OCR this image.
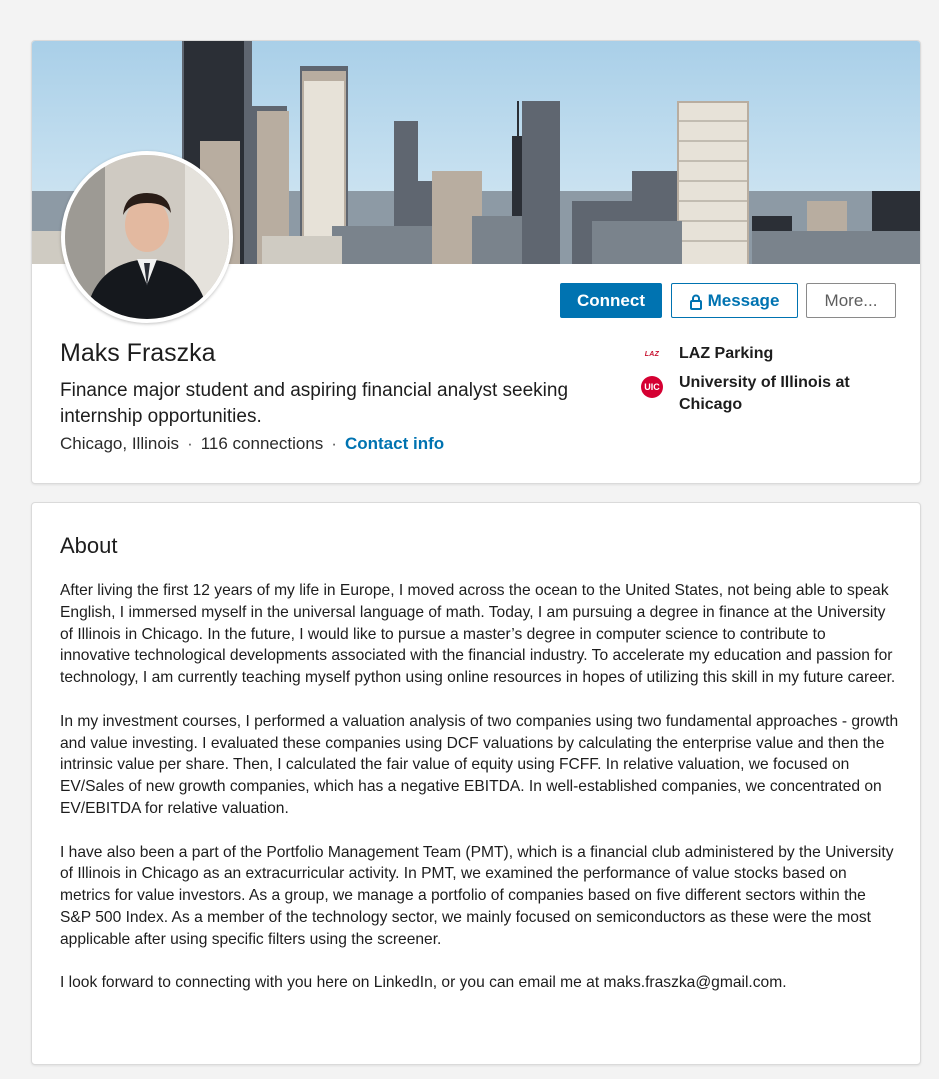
Connect	Message	More...
Maks Fraszka
Finance major student and aspiring financial analyst seeking internship opportunities.
Chicago, Illinois · 116 connections · Contact info
LAZ LAZ Parking
UIC University of Illinois at Chicago
About

After living the first 12 years of my life in Europe, I moved across the ocean to the United States, not being able to speak English, I immersed myself in the universal language of math. Today, I am pursuing a degree in finance at the University of Illinois in Chicago. In the future, I would like to pursue a master’s degree in computer science to contribute to innovative technological developments associated with the financial industry. To accelerate my education and passion for technology, I am currently teaching myself python using online resources in hopes of utilizing this skill in my future career.

In my investment courses, I performed a valuation analysis of two companies using two fundamental approaches - growth and value investing. I evaluated these companies using DCF valuations by calculating the enterprise value and then the intrinsic value per share. Then, I calculated the fair value of equity using FCFF. In relative valuation, we focused on EV/Sales of new growth companies, which has a negative EBITDA. In well-established companies, we concentrated on EV/EBITDA for relative valuation.

I have also been a part of the Portfolio Management Team (PMT), which is a financial club administered by the University of Illinois in Chicago as an extracurricular activity. In PMT, we examined the performance of value stocks based on metrics for value investors. As a group, we manage a portfolio of companies based on five different sectors within the S&P 500 Index. As a member of the technology sector, we mainly focused on semiconductors as these were the most applicable after using specific filters using the screener.

I look forward to connecting with you here on LinkedIn, or you can email me at maks.fraszka@gmail.com.
